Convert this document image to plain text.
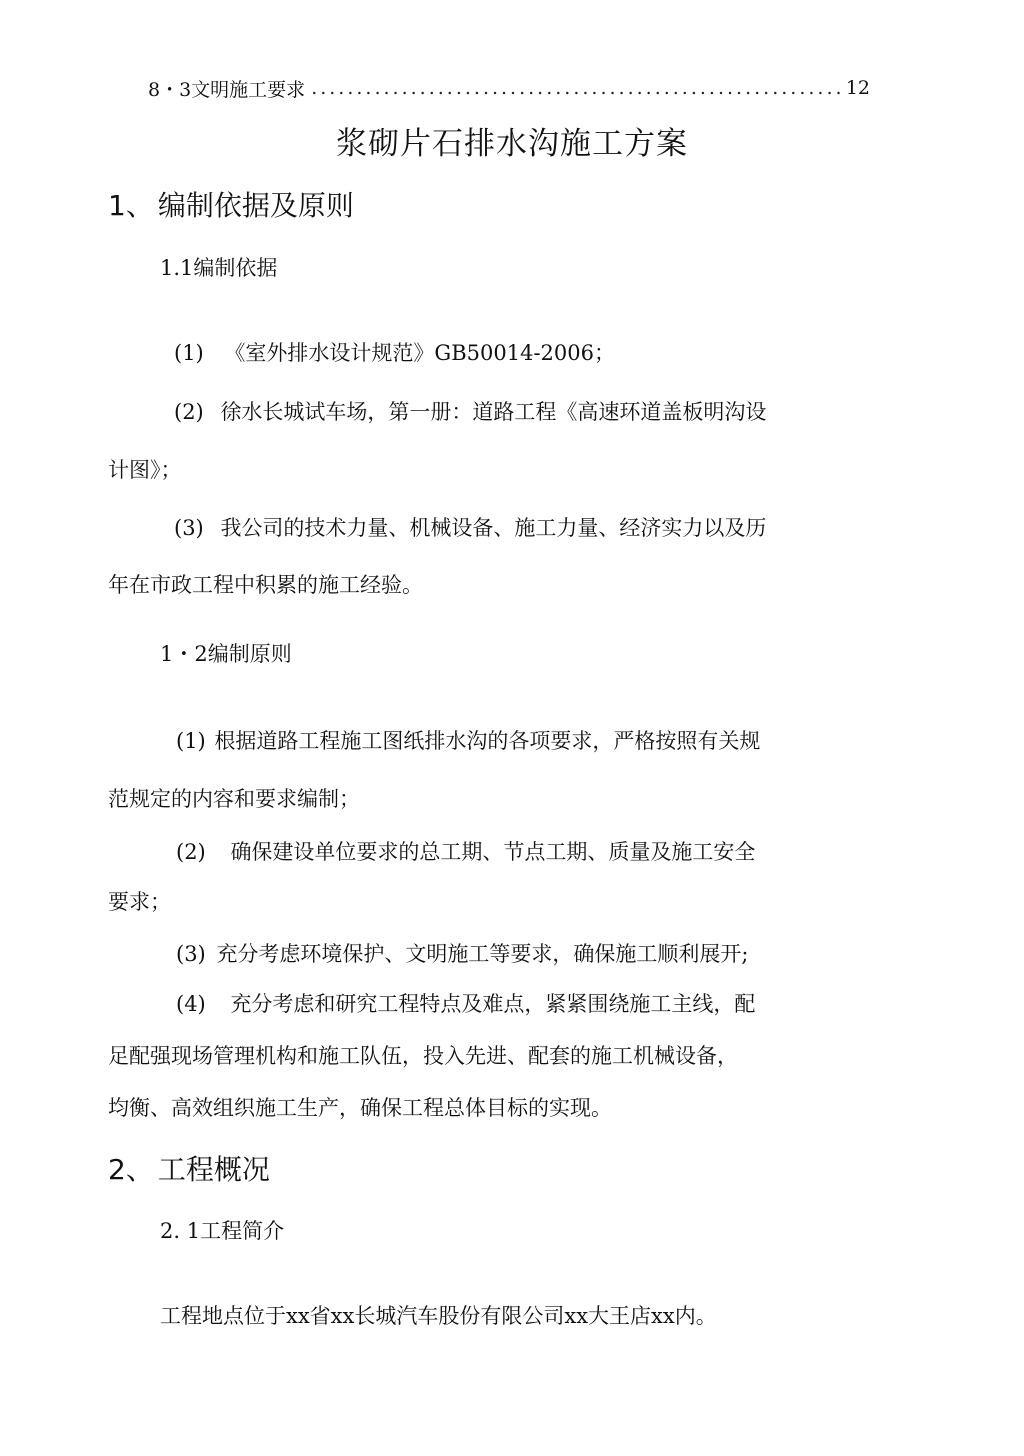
8・3文明施工要求
.....	12
浆砌片石排水沟施工方案
1、 编制依据及原则
1.1编制依据
(1) 《室外排水设计规范》GB50014-2006；
(2) 徐水长城试车场，第一册：道路工程《高速环道盖板明沟设
计图》；
(3) 我公司的技术力量、机械设备、施工力量、经济实力以及历
年在市政工程中积累的施工经验。
1・2编制原则
(1) 根据道路工程施工图纸排水沟的各项要求，严格按照有关规
范规定的内容和要求编制；
(2) 确保建设单位要求的总工期、节点工期、质量及施工安全
要求；
(3) 充分考虑环境保护、文明施工等要求，确保施工顺利展开;
(4) 充分考虑和研究工程特点及难点，紧紧围绕施工主线，配
足配强现场管理机构和施工队伍，投入先进、配套的施工机械设备，
均衡、高效组织施工生产，确保工程总体目标的实现。
2、 工程概况
2. 1工程简介
工程地点位于xx省xx长城汽车股份有限公司xx大王店xx内。
